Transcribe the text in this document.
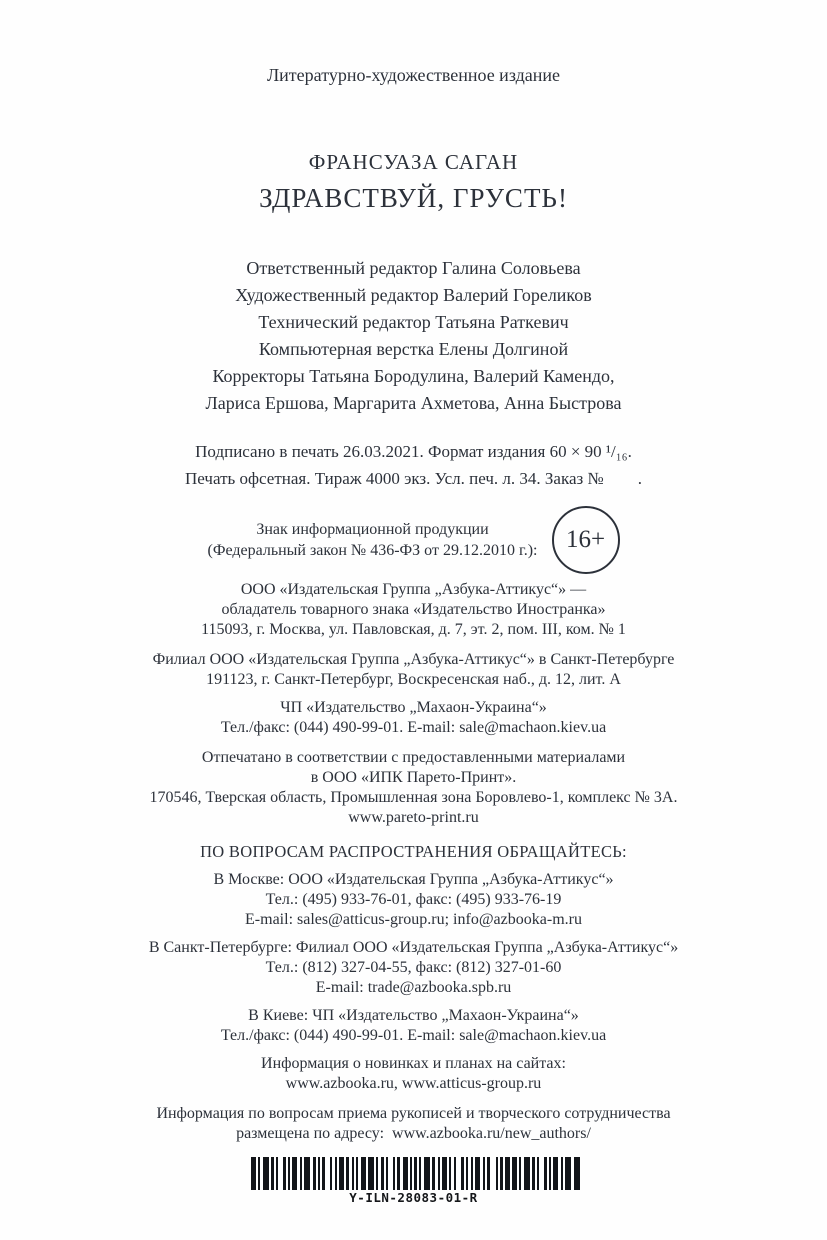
Литературно-художественное издание
ФРАНСУАЗА САГАН
ЗДРАВСТВУЙ, ГРУСТЬ!
Ответственный редактор Галина Соловьева
Художественный редактор Валерий Гореликов
Технический редактор Татьяна Раткевич
Компьютерная верстка Елены Долгиной
Корректоры Татьяна Бородулина, Валерий Камендо,
Лариса Ершова, Маргарита Ахметова, Анна Быстрова
Подписано в печать 26.03.2021. Формат издания 60 × 90 ¹/₁₆.
Печать офсетная. Тираж 4000 экз. Усл. печ. л. 34. Заказ №        .
Знак информационной продукции
(Федеральный закон № 436-ФЗ от 29.12.2010 г.):	16+
ООО «Издательская Группа „Азбука-Аттикус“» —
обладатель товарного знака «Издательство Иностранка»
115093, г. Москва, ул. Павловская, д. 7, эт. 2, пом. III, ком. № 1
Филиал ООО «Издательская Группа „Азбука-Аттикус“» в Санкт-Петербурге
191123, г. Санкт-Петербург, Воскресенская наб., д. 12, лит. А
ЧП «Издательство „Махаон-Украина“»
Тел./факс: (044) 490-99-01. E-mail: sale@machaon.kiev.ua
Отпечатано в соответствии с предоставленными материалами
в ООО «ИПК Парето-Принт».
170546, Тверская область, Промышленная зона Боровлево-1, комплекс № 3А.
www.pareto-print.ru
ПО ВОПРОСАМ РАСПРОСТРАНЕНИЯ ОБРАЩАЙТЕСЬ:
В Москве: ООО «Издательская Группа „Азбука-Аттикус“»
Тел.: (495) 933-76-01, факс: (495) 933-76-19
E-mail: sales@atticus-group.ru; info@azbooka-m.ru
В Санкт-Петербурге: Филиал ООО «Издательская Группа „Азбука-Аттикус“»
Тел.: (812) 327-04-55, факс: (812) 327-01-60
E-mail: trade@azbooka.spb.ru
В Киеве: ЧП «Издательство „Махаон-Украина“»
Тел./факс: (044) 490-99-01. E-mail: sale@machaon.kiev.ua
Информация о новинках и планах на сайтах:
www.azbooka.ru, www.atticus-group.ru
Информация по вопросам приема рукописей и творческого сотрудничества
размещена по адресу:  www.azbooka.ru/new_authors/
Y-ILN-28083-01-R
